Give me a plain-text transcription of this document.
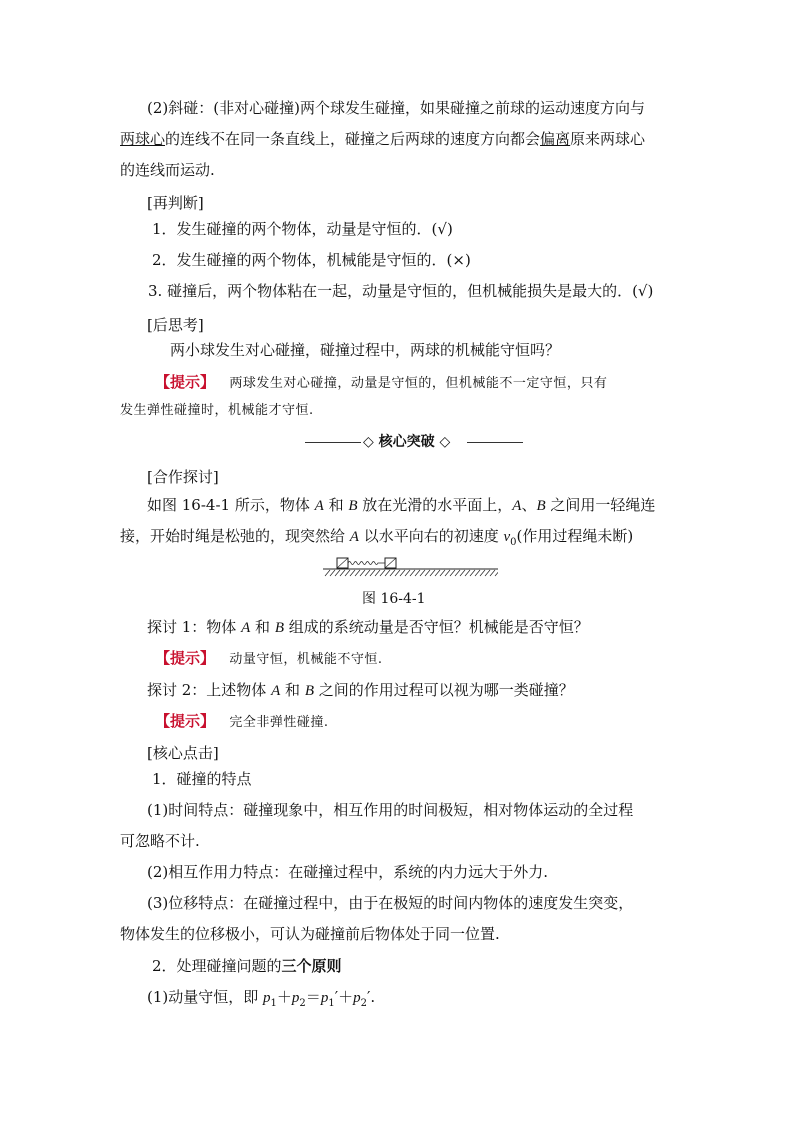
(2)斜碰：(非对心碰撞)两个球发生碰撞，如果碰撞之前球的运动速度方向与
两球心的连线不在同一条直线上，碰撞之后两球的速度方向都会偏离原来两球心
的连线而运动.
[再判断]
1．发生碰撞的两个物体，动量是守恒的．(√)
2．发生碰撞的两个物体，机械能是守恒的．(×)
3. 碰撞后，两个物体粘在一起，动量是守恒的，但机械能损失是最大的．(√)
[后思考]
两小球发生对心碰撞，碰撞过程中，两球的机械能守恒吗？
【提示】 两球发生对心碰撞，动量是守恒的，但机械能不一定守恒，只有
发生弹性碰撞时，机械能才守恒.
◇ 核心突破 ◇
[合作探讨]
如图 16-4-1 所示，物体 A 和 B 放在光滑的水平面上，A、B 之间用一轻绳连
接，开始时绳是松弛的，现突然给 A 以水平向右的初速度 $v_0$(作用过程绳未断)
图 16-4-1
探讨 1：物体 A 和 B 组成的系统动量是否守恒？机械能是否守恒？
【提示】 动量守恒，机械能不守恒.
探讨 2：上述物体 A 和 B 之间的作用过程可以视为哪一类碰撞？
【提示】 完全非弹性碰撞.
[核心点击]
1．碰撞的特点
(1)时间特点：碰撞现象中，相互作用的时间极短，相对物体运动的全过程
可忽略不计.
(2)相互作用力特点：在碰撞过程中，系统的内力远大于外力.
(3)位移特点：在碰撞过程中，由于在极短的时间内物体的速度发生突变，
物体发生的位移极小，可认为碰撞前后物体处于同一位置.
2．处理碰撞问题的三个原则
(1)动量守恒，即 $p_1+p_2=p_1'+p_2'$.
